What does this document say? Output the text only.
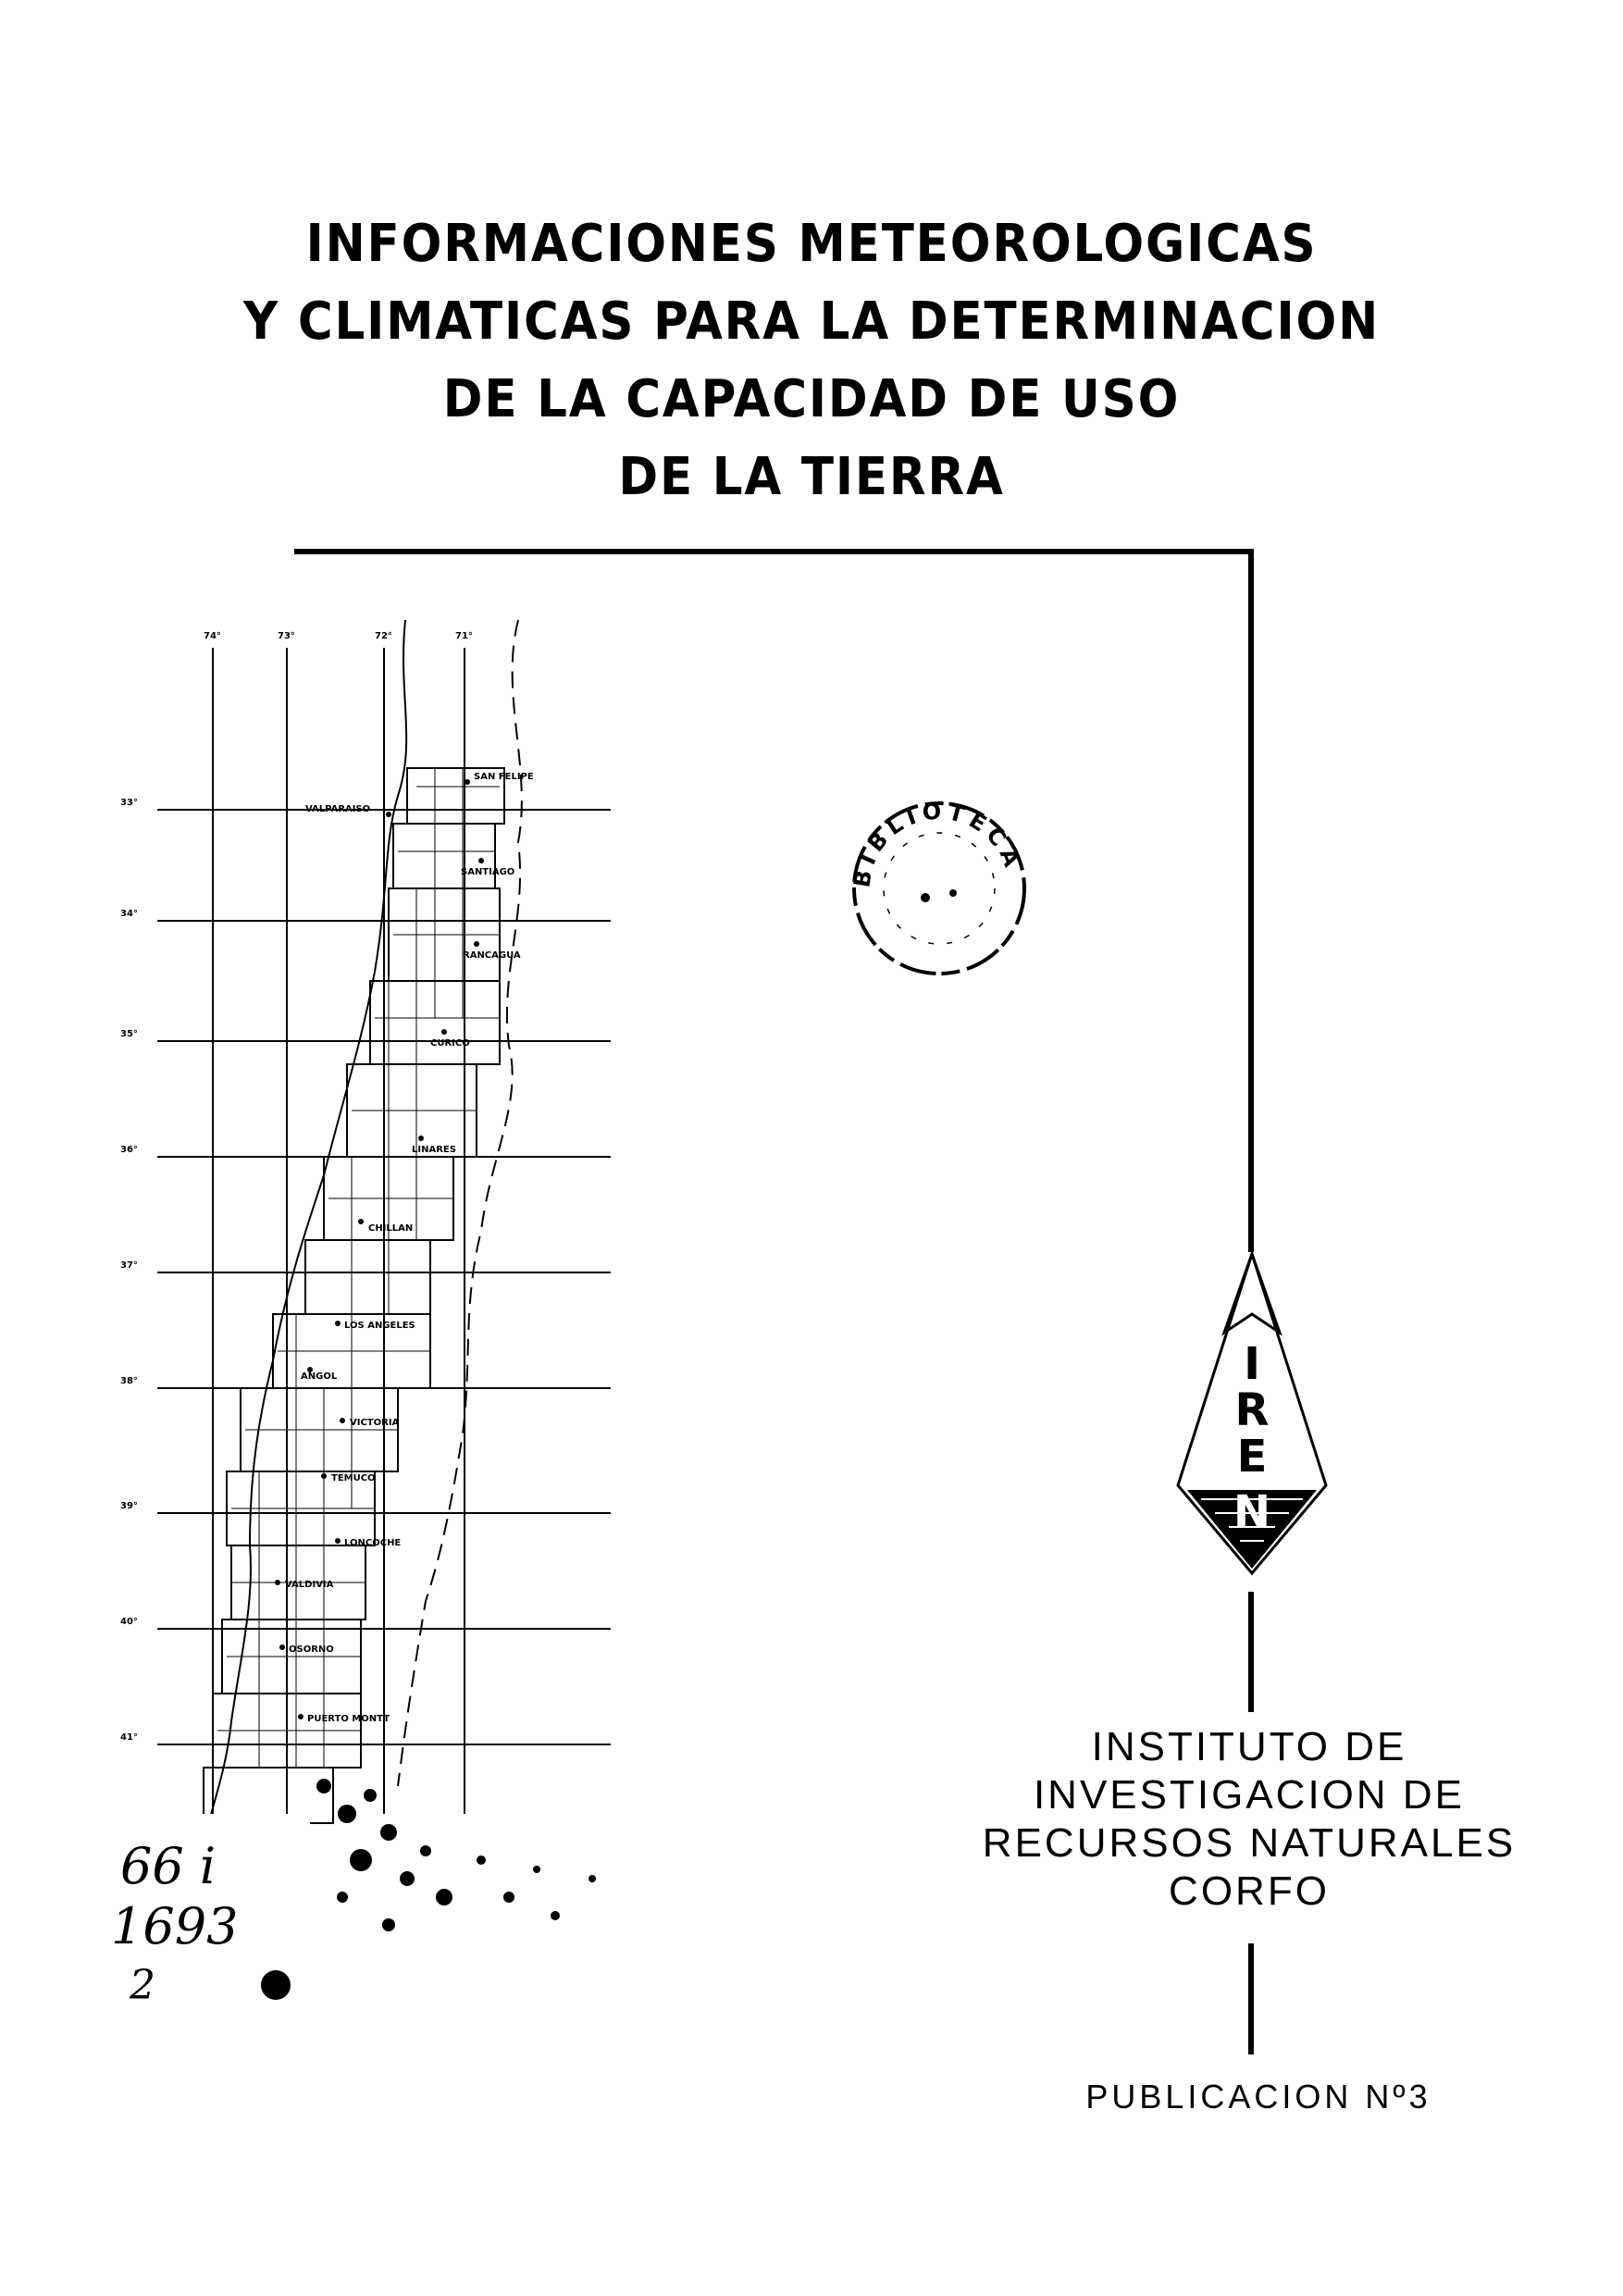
INFORMACIONES METEOROLOGICAS
Y CLIMATICAS PARA LA DETERMINACION
DE LA CAPACIDAD DE USO
DE LA TIERRA
74°	73°	72°	71°
33°
34°
35°
36°
37°
38°
39°
40°
41°
SAN FELIPE
VALPARAISO
SANTIAGO
RANCAGUA
CURICO
LINARES
CHILLAN
LOS ANGELES
ANGOL
VICTORIA
TEMUCO
LONCOCHE
VALDIVIA
OSORNO
PUERTO MONTT
66 i
1693
2
BIBLIOTECA
I
R
E
N
INSTITUTO DE
INVESTIGACION DE
RECURSOS NATURALES
CORFO
PUBLICACION Nº3
